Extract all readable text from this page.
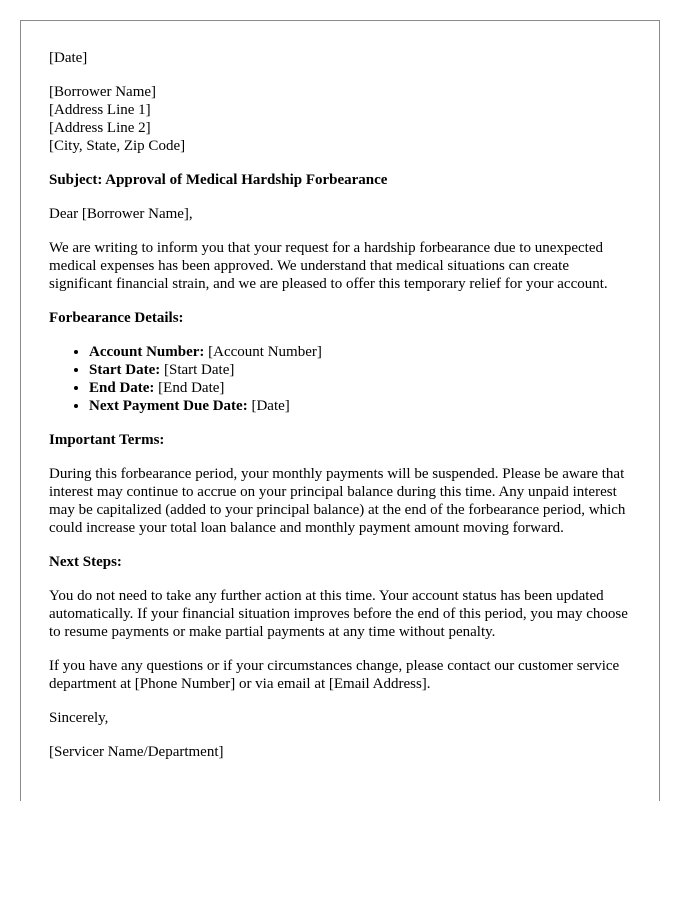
[Date]

[Borrower Name]

[Address Line 1]

[Address Line 2]

[City, State, Zip Code]

Subject: Approval of Medical Hardship Forbearance

Dear [Borrower Name],

We are writing to inform you that your request for a hardship forbearance due to unexpected medical expenses has been approved. We understand that medical situations can create significant financial strain, and we are pleased to offer this temporary relief for your account.

Forbearance Details:

• Account Number: [Account Number]
• Start Date: [Start Date]
• End Date: [End Date]
• Next Payment Due Date: [Date]

Important Terms:

During this forbearance period, your monthly payments will be suspended. Please be aware that interest may continue to accrue on your principal balance during this time. Any unpaid interest may be capitalized (added to your principal balance) at the end of the forbearance period, which could increase your total loan balance and monthly payment amount moving forward.

Next Steps:

You do not need to take any further action at this time. Your account status has been updated automatically. If your financial situation improves before the end of this period, you may choose to resume payments or make partial payments at any time without penalty.

If you have any questions or if your circumstances change, please contact our customer service department at [Phone Number] or via email at [Email Address].

Sincerely,

[Servicer Name/Department]
